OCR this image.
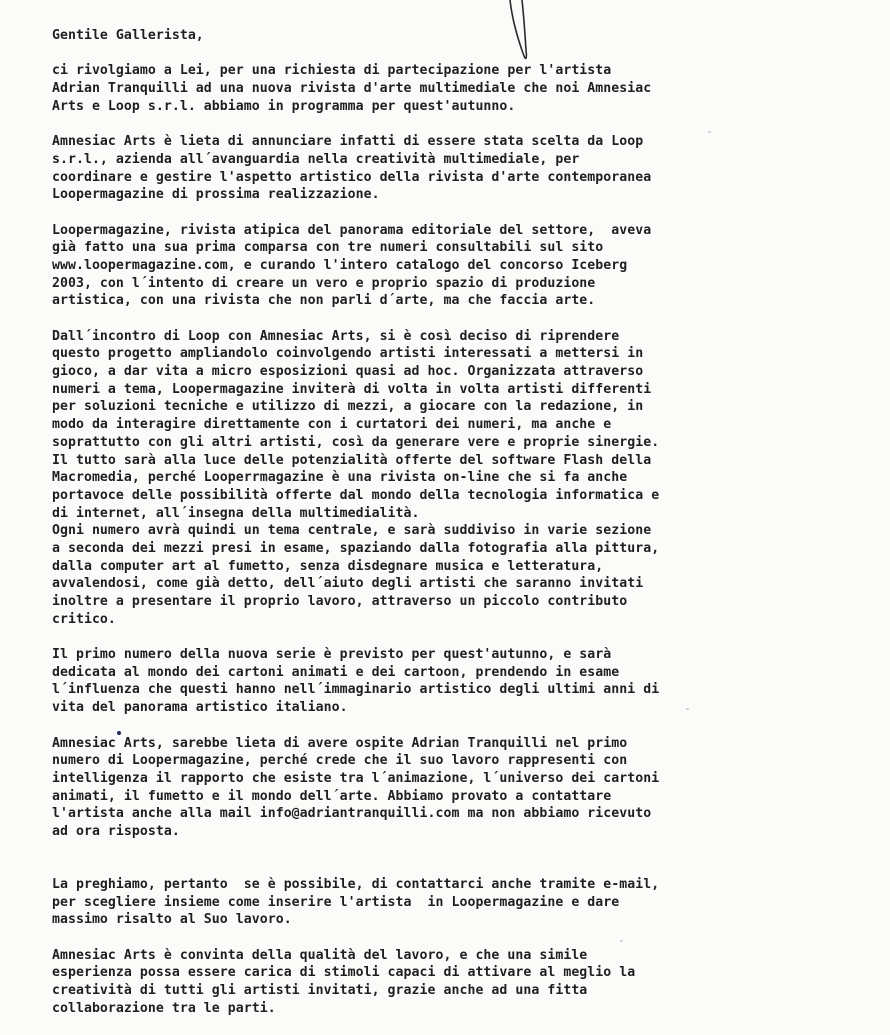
Gentile Gallerista,
ci rivolgiamo a Lei, per una richiesta di partecipazione per l'artista
Adrian Tranquilli ad una nuova rivista d'arte multimediale che noi Amnesiac
Arts e Loop s.r.l. abbiamo in programma per quest'autunno.
Amnesiac Arts è lieta di annunciare infatti di essere stata scelta da Loop
s.r.l., azienda all´avanguardia nella creatività multimediale, per
coordinare e gestire l'aspetto artistico della rivista d'arte contemporanea
Loopermagazine di prossima realizzazione.
Loopermagazine, rivista atipica del panorama editoriale del settore,  aveva
già fatto una sua prima comparsa con tre numeri consultabili sul sito
www.loopermagazine.com, e curando l'intero catalogo del concorso Iceberg
2003, con l´intento di creare un vero e proprio spazio di produzione
artistica, con una rivista che non parli d´arte, ma che faccia arte.
Dall´incontro di Loop con Amnesiac Arts, si è così deciso di riprendere
questo progetto ampliandolo coinvolgendo artisti interessati a mettersi in
gioco, a dar vita a micro esposizioni quasi ad hoc. Organizzata attraverso
numeri a tema, Loopermagazine inviterà di volta in volta artisti differenti
per soluzioni tecniche e utilizzo di mezzi, a giocare con la redazione, in
modo da interagire direttamente con i curtatori dei numeri, ma anche e
soprattutto con gli altri artisti, così da generare vere e proprie sinergie.
Il tutto sarà alla luce delle potenzialità offerte del software Flash della
Macromedia, perché Looperrmagazine è una rivista on-line che si fa anche
portavoce delle possibilità offerte dal mondo della tecnologia informatica e
di internet, all´insegna della multimedialità.
Ogni numero avrà quindi un tema centrale, e sarà suddiviso in varie sezione
a seconda dei mezzi presi in esame, spaziando dalla fotografia alla pittura,
dalla computer art al fumetto, senza disdegnare musica e letteratura,
avvalendosi, come già detto, dell´aiuto degli artisti che saranno invitati
inoltre a presentare il proprio lavoro, attraverso un piccolo contributo
critico.
Il primo numero della nuova serie è previsto per quest'autunno, e sarà
dedicata al mondo dei cartoni animati e dei cartoon, prendendo in esame
l´influenza che questi hanno nell´immaginario artistico degli ultimi anni di
vita del panorama artistico italiano.
Amnesiac Arts, sarebbe lieta di avere ospite Adrian Tranquilli nel primo
numero di Loopermagazine, perché crede che il suo lavoro rappresenti con
intelligenza il rapporto che esiste tra l´animazione, l´universo dei cartoni
animati, il fumetto e il mondo dell´arte. Abbiamo provato a contattare
l'artista anche alla mail info@adriantranquilli.com ma non abbiamo ricevuto
ad ora risposta.
La preghiamo, pertanto  se è possibile, di contattarci anche tramite e-mail,
per scegliere insieme come inserire l'artista  in Loopermagazine e dare
massimo risalto al Suo lavoro.
Amnesiac Arts è convinta della qualità del lavoro, e che una simile
esperienza possa essere carica di stimoli capaci di attivare al meglio la
creatività di tutti gli artisti invitati, grazie anche ad una fitta
collaborazione tra le parti.
